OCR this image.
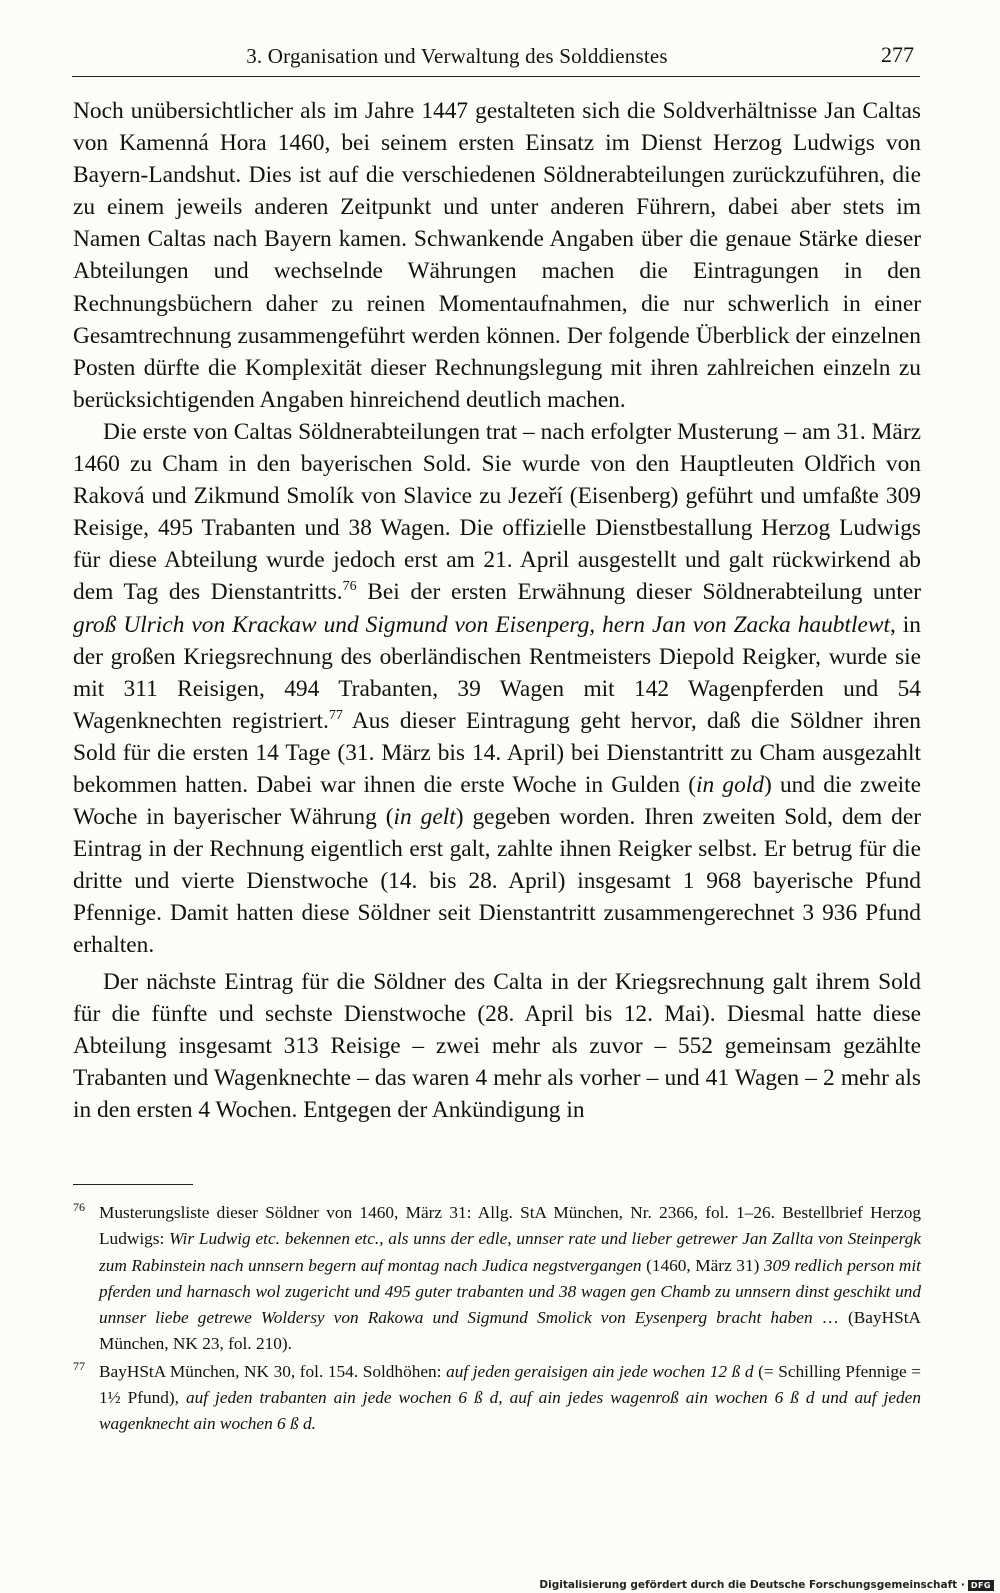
3. Organisation und Verwaltung des Solddienstes	277

Noch unübersichtlicher als im Jahre 1447 gestalteten sich die Soldverhältnisse Jan Caltas von Kamenná Hora 1460, bei seinem ersten Einsatz im Dienst Herzog Ludwigs von Bayern-Landshut. Dies ist auf die verschiedenen Söldnerabteilungen zurückzuführen, die zu einem jeweils anderen Zeitpunkt und unter anderen Führern, dabei aber stets im Namen Caltas nach Bayern kamen. Schwankende Angaben über die genaue Stärke dieser Abteilungen und wechselnde Währungen machen die Eintragungen in den Rechnungsbüchern daher zu reinen Momentaufnahmen, die nur schwerlich in einer Gesamtrechnung zusammengeführt werden können. Der folgende Überblick der einzelnen Posten dürfte die Komplexität dieser Rechnungslegung mit ihren zahlreichen einzeln zu berücksichtigenden Angaben hinreichend deutlich machen.

Die erste von Caltas Söldnerabteilungen trat – nach erfolgter Musterung – am 31. März 1460 zu Cham in den bayerischen Sold. Sie wurde von den Hauptleuten Oldřich von Raková und Zikmund Smolík von Slavice zu Jezeří (Eisenberg) geführt und umfaßte 309 Reisige, 495 Trabanten und 38 Wagen. Die offizielle Dienstbestallung Herzog Ludwigs für diese Abteilung wurde jedoch erst am 21. April ausgestellt und galt rückwirkend ab dem Tag des Dienstantritts.$^{76}$ Bei der ersten Erwähnung dieser Söldnerabteilung unter groß Ulrich von Krackaw und Sigmund von Eisenperg, hern Jan von Zacka haubtlewt, in der großen Kriegsrechnung des oberländischen Rentmeisters Diepold Reigker, wurde sie mit 311 Reisigen, 494 Trabanten, 39 Wagen mit 142 Wagenpferden und 54 Wagenknechten registriert.$^{77}$ Aus dieser Eintragung geht hervor, daß die Söldner ihren Sold für die ersten 14 Tage (31. März bis 14. April) bei Dienstantritt zu Cham ausgezahlt bekommen hatten. Dabei war ihnen die erste Woche in Gulden (in gold) und die zweite Woche in bayerischer Währung (in gelt) gegeben worden. Ihren zweiten Sold, dem der Eintrag in der Rechnung eigentlich erst galt, zahlte ihnen Reigker selbst. Er betrug für die dritte und vierte Dienstwoche (14. bis 28. April) insgesamt 1 968 bayerische Pfund Pfennige. Damit hatten diese Söldner seit Dienstantritt zusammengerechnet 3 936 Pfund erhalten.

Der nächste Eintrag für die Söldner des Calta in der Kriegsrechnung galt ihrem Sold für die fünfte und sechste Dienstwoche (28. April bis 12. Mai). Diesmal hatte diese Abteilung insgesamt 313 Reisige – zwei mehr als zuvor – 552 gemeinsam gezählte Trabanten und Wagenknechte – das waren 4 mehr als vorher – und 41 Wagen – 2 mehr als in den ersten 4 Wochen. Entgegen der Ankündigung in

76 Musterungsliste dieser Söldner von 1460, März 31: Allg. StA München, Nr. 2366, fol. 1–26. Bestellbrief Herzog Ludwigs: Wir Ludwig etc. bekennen etc., als unns der edle, unnser rate und lieber getrewer Jan Zallta von Steinpergk zum Rabinstein nach unnsern begern auf montag nach Judica negstvergangen (1460, März 31) 309 redlich person mit pferden und harnasch wol zugericht und 495 guter trabanten und 38 wagen gen Chamb zu unnsern dinst geschikt und unnser liebe getrewe Woldersy von Rakowa und Sigmund Smolick von Eysenperg bracht haben … (BayHStA München, NK 23, fol. 210).
77 BayHStA München, NK 30, fol. 154. Soldhöhen: auf jeden geraisigen ain jede wochen 12 ß d (= Schilling Pfennige = 1½ Pfund), auf jeden trabanten ain jede wochen 6 ß d, auf ain jedes wagenroß ain wochen 6 ß d und auf jeden wagenknecht ain wochen 6 ß d.
Digitalisierung gefördert durch die Deutsche Forschungsgemeinschaft · DFG
